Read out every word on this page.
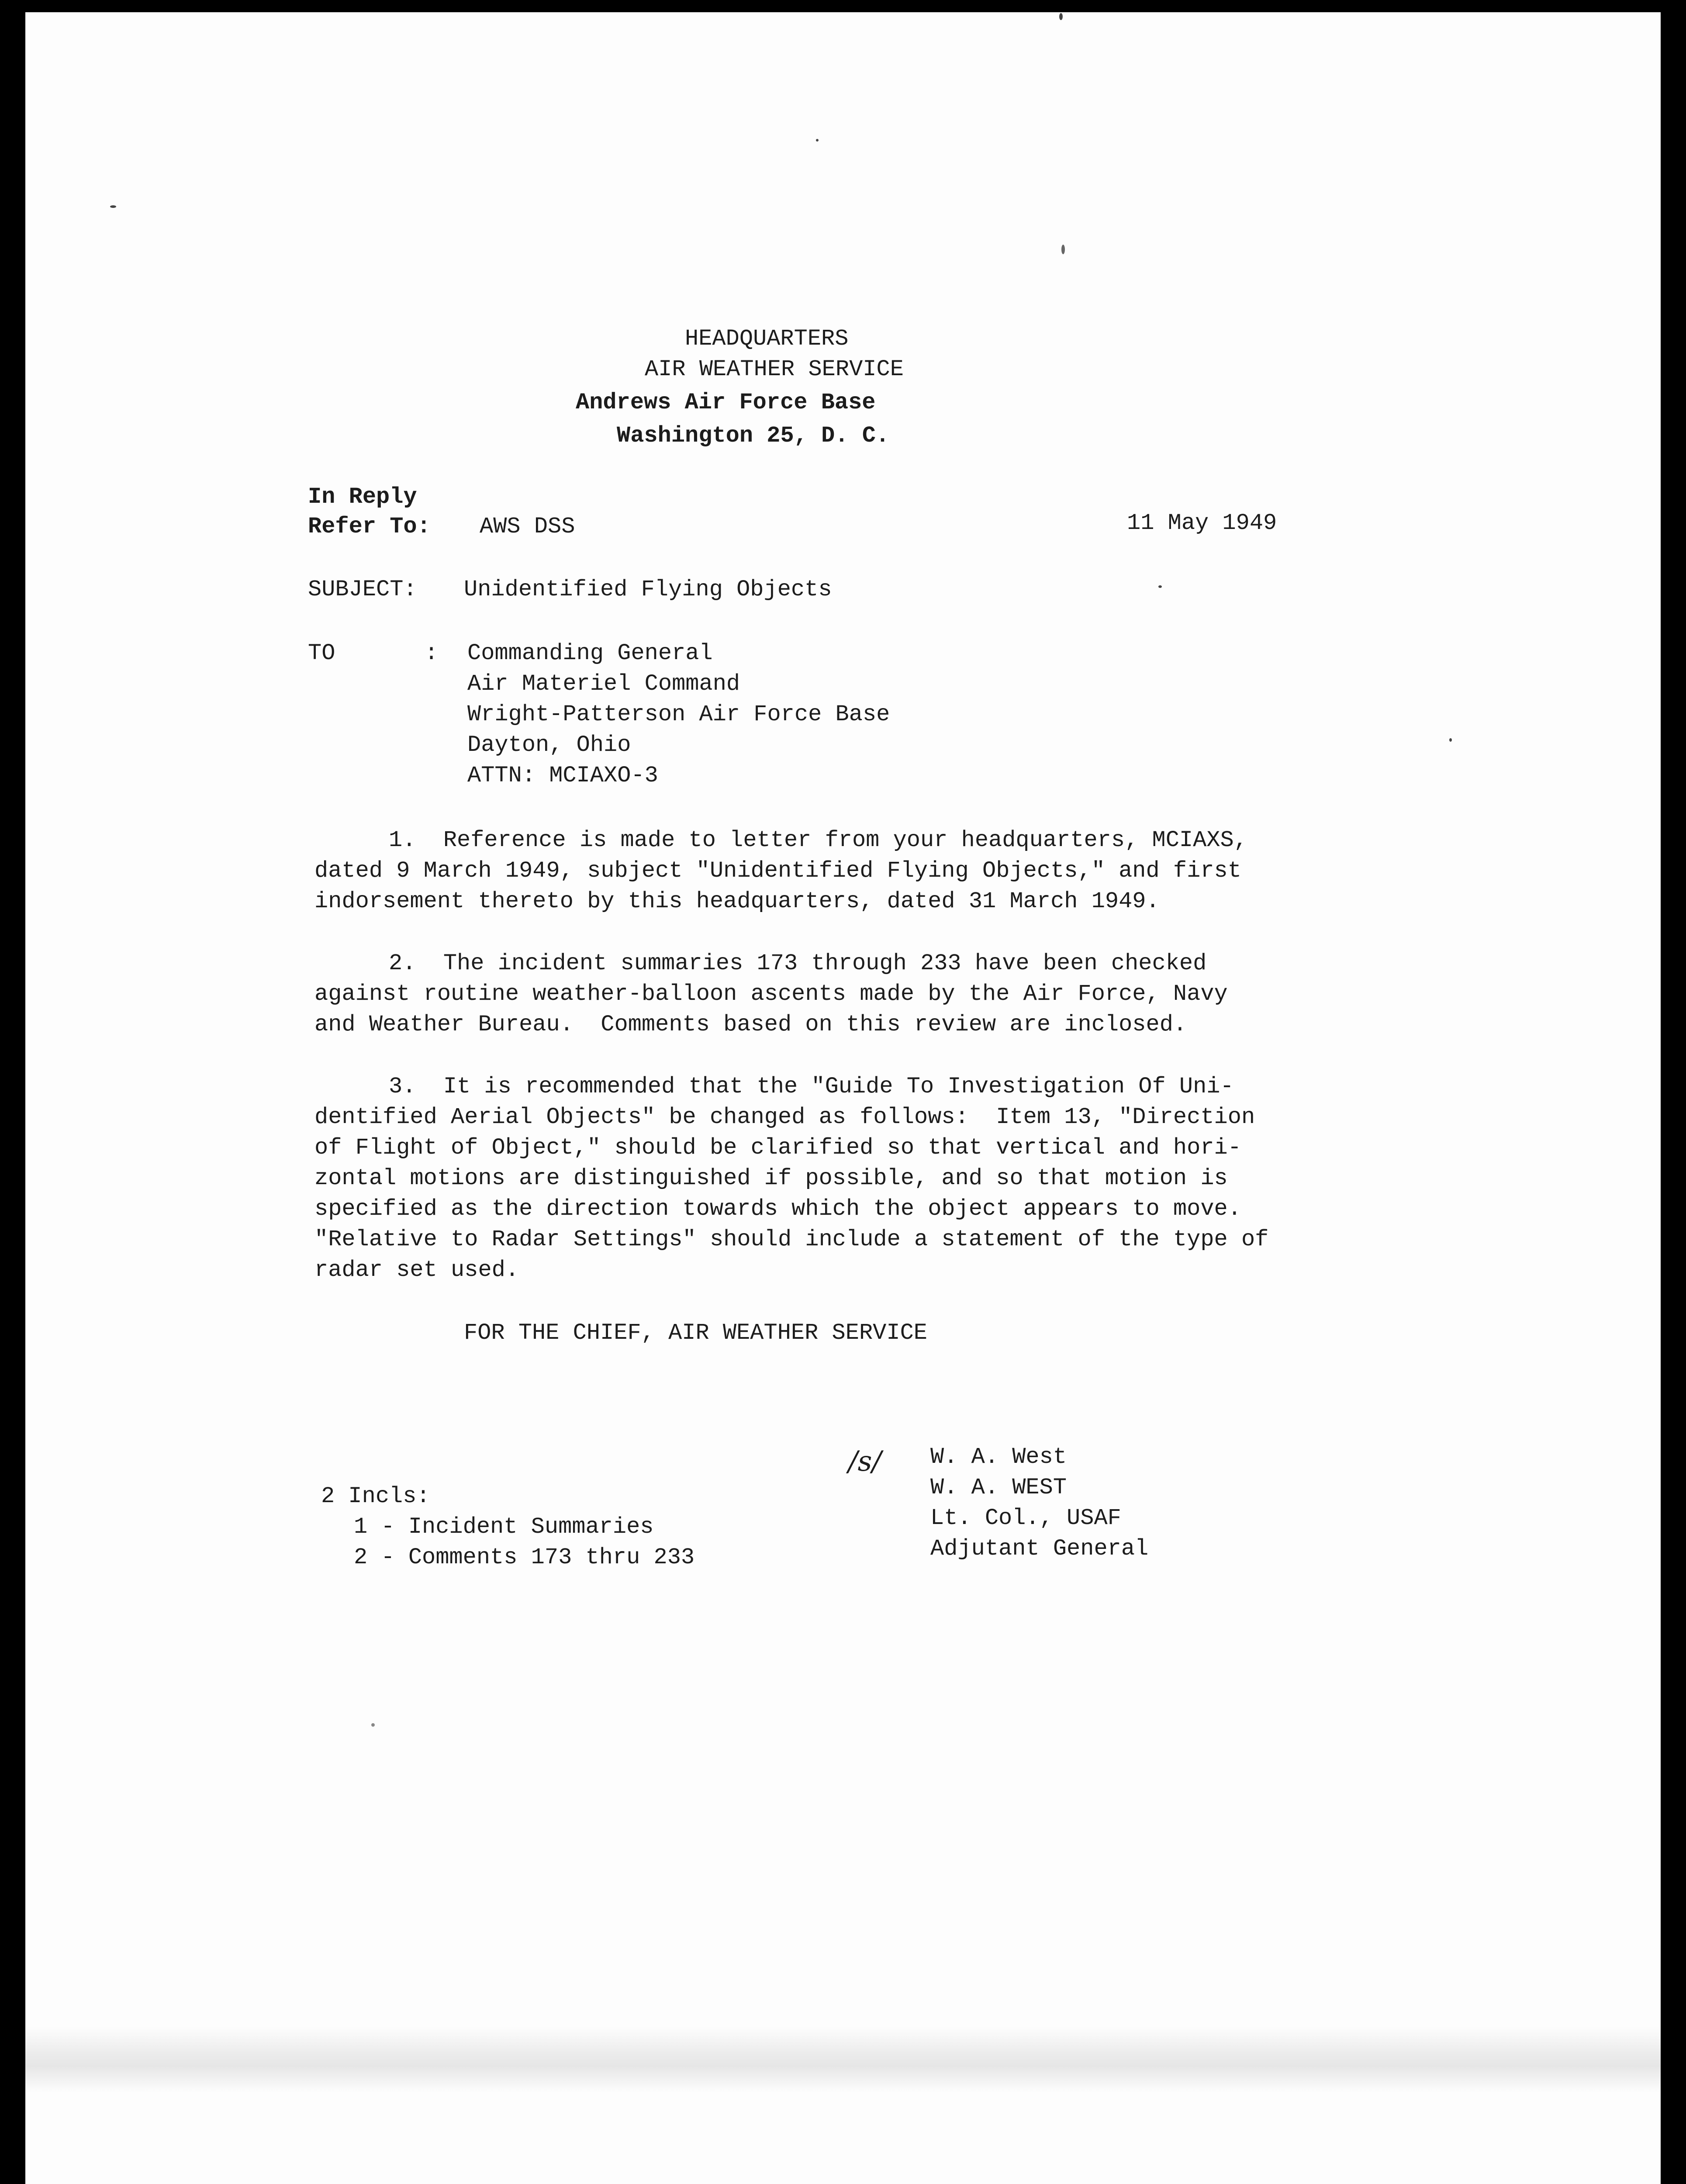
HEADQUARTERS
AIR WEATHER SERVICE
Andrews Air Force Base
Washington 25, D. C.
In Reply
Refer To: AWS DSS	11 May 1949
SUBJECT: Unidentified Flying Objects
TO	: Commanding General
Air Materiel Command
Wright-Patterson Air Force Base
Dayton, Ohio
ATTN: MCIAXO-3
1.  Reference is made to letter from your headquarters, MCIAXS,
dated 9 March 1949, subject "Unidentified Flying Objects," and first
indorsement thereto by this headquarters, dated 31 March 1949.
2.  The incident summaries 173 through 233 have been checked
against routine weather-balloon ascents made by the Air Force, Navy
and Weather Bureau.  Comments based on this review are inclosed.
3.  It is recommended that the "Guide To Investigation Of Uni-
dentified Aerial Objects" be changed as follows:  Item 13, "Direction
of Flight of Object," should be clarified so that vertical and hori-
zontal motions are distinguished if possible, and so that motion is
specified as the direction towards which the object appears to move.
"Relative to Radar Settings" should include a statement of the type of
radar set used.
FOR THE CHIEF, AIR WEATHER SERVICE
/s/ W. A. West
W. A. WEST
Lt. Col., USAF
Adjutant General
2 Incls:
1 - Incident Summaries
2 - Comments 173 thru 233
